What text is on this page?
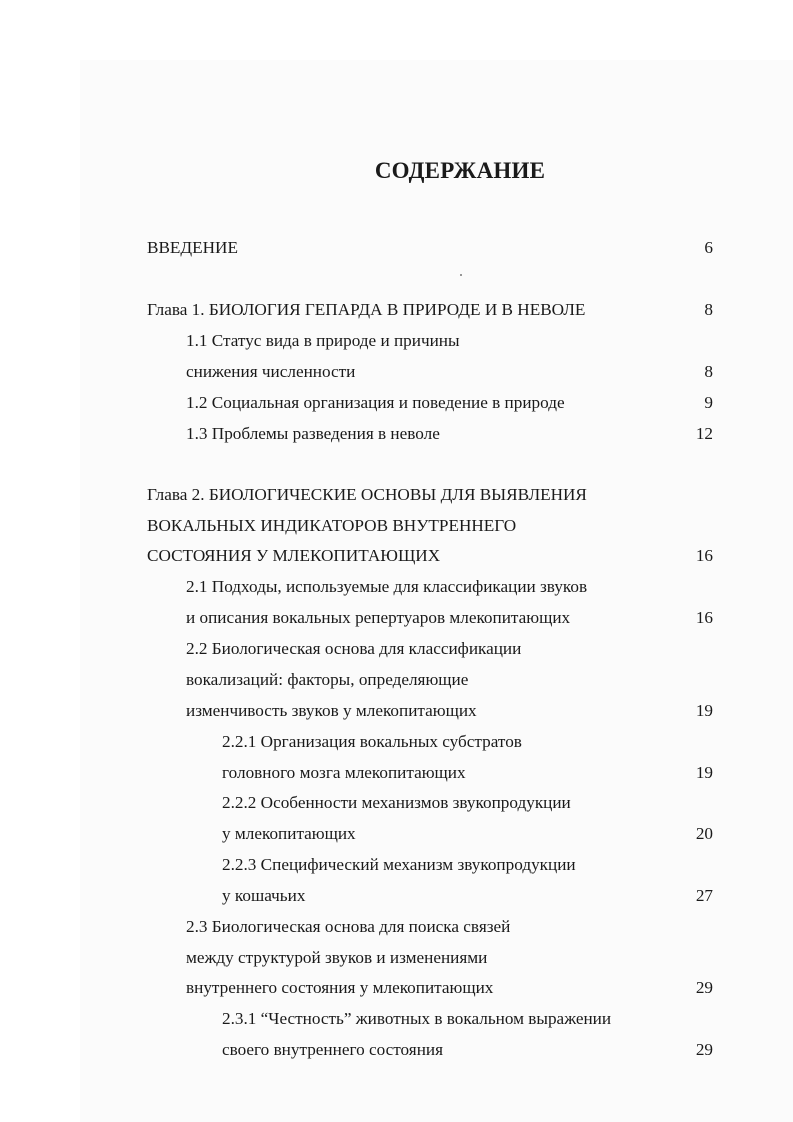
СОДЕРЖАНИЕ
ВВЕДЕНИЕ	6
Глава 1. БИОЛОГИЯ ГЕПАРДА В ПРИРОДЕ И В НЕВОЛЕ	8
1.1 Статус вида в природе и причины
снижения численности	8
1.2 Социальная организация и поведение в природе	9
1.3 Проблемы разведения в неволе	12
Глава 2. БИОЛОГИЧЕСКИЕ ОСНОВЫ ДЛЯ ВЫЯВЛЕНИЯ
ВОКАЛЬНЫХ ИНДИКАТОРОВ ВНУТРЕННЕГО
СОСТОЯНИЯ У МЛЕКОПИТАЮЩИХ	16
2.1 Подходы, используемые для классификации звуков
и описания вокальных репертуаров млекопитающих	16
2.2 Биологическая основа для классификации
вокализаций: факторы, определяющие
изменчивость звуков у млекопитающих	19
2.2.1 Организация вокальных субстратов
головного мозга млекопитающих	19
2.2.2 Особенности механизмов звукопродукции
у млекопитающих	20
2.2.3 Специфический механизм звукопродукции
у кошачьих	27
2.3 Биологическая основа для поиска связей
между структурой звуков и изменениями
внутреннего состояния у млекопитающих	29
2.3.1 “Честность” животных в вокальном выражении
своего внутреннего состояния	29
